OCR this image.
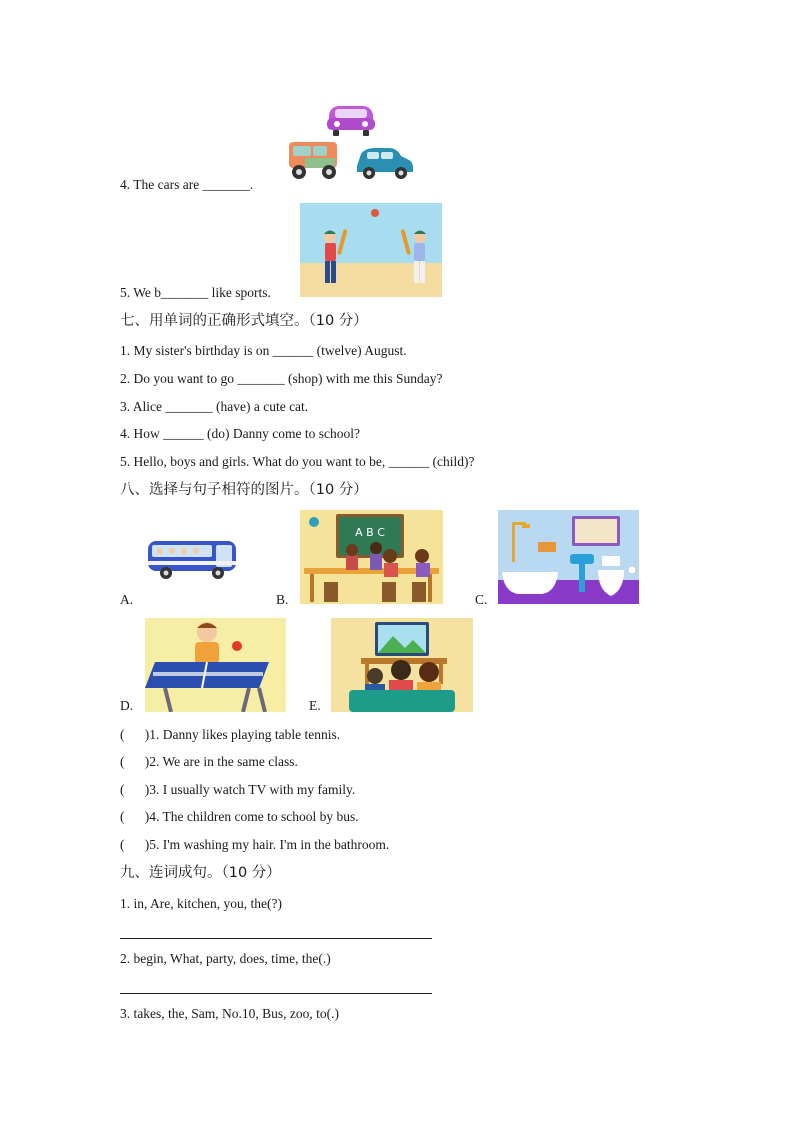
4. The cars are _______.
5. We b_______ like sports.
七、用单词的正确形式填空。（10 分）
1. My sister's birthday is on ______ (twelve) August.
2. Do you want to go _______ (shop) with me this Sunday?
3. Alice _______ (have) a cute cat.
4. How ______ (do) Danny come to school?
5. Hello, boys and girls. What do you want to be, ______ (child)?
八、选择与句子相符的图片。（10 分）
A.
A B C
B.	C.
D.	E.
(      )1. Danny likes playing table tennis.
(      )2. We are in the same class.
(      )3. I usually watch TV with my family.
(      )4. The children come to school by bus.
(      )5. I'm washing my hair. I'm in the bathroom.
九、连词成句。（10 分）
1. in, Are, kitchen, you, the(?)
2. begin, What, party, does, time, the(.)
3. takes, the, Sam, No.10, Bus, zoo, to(.)
